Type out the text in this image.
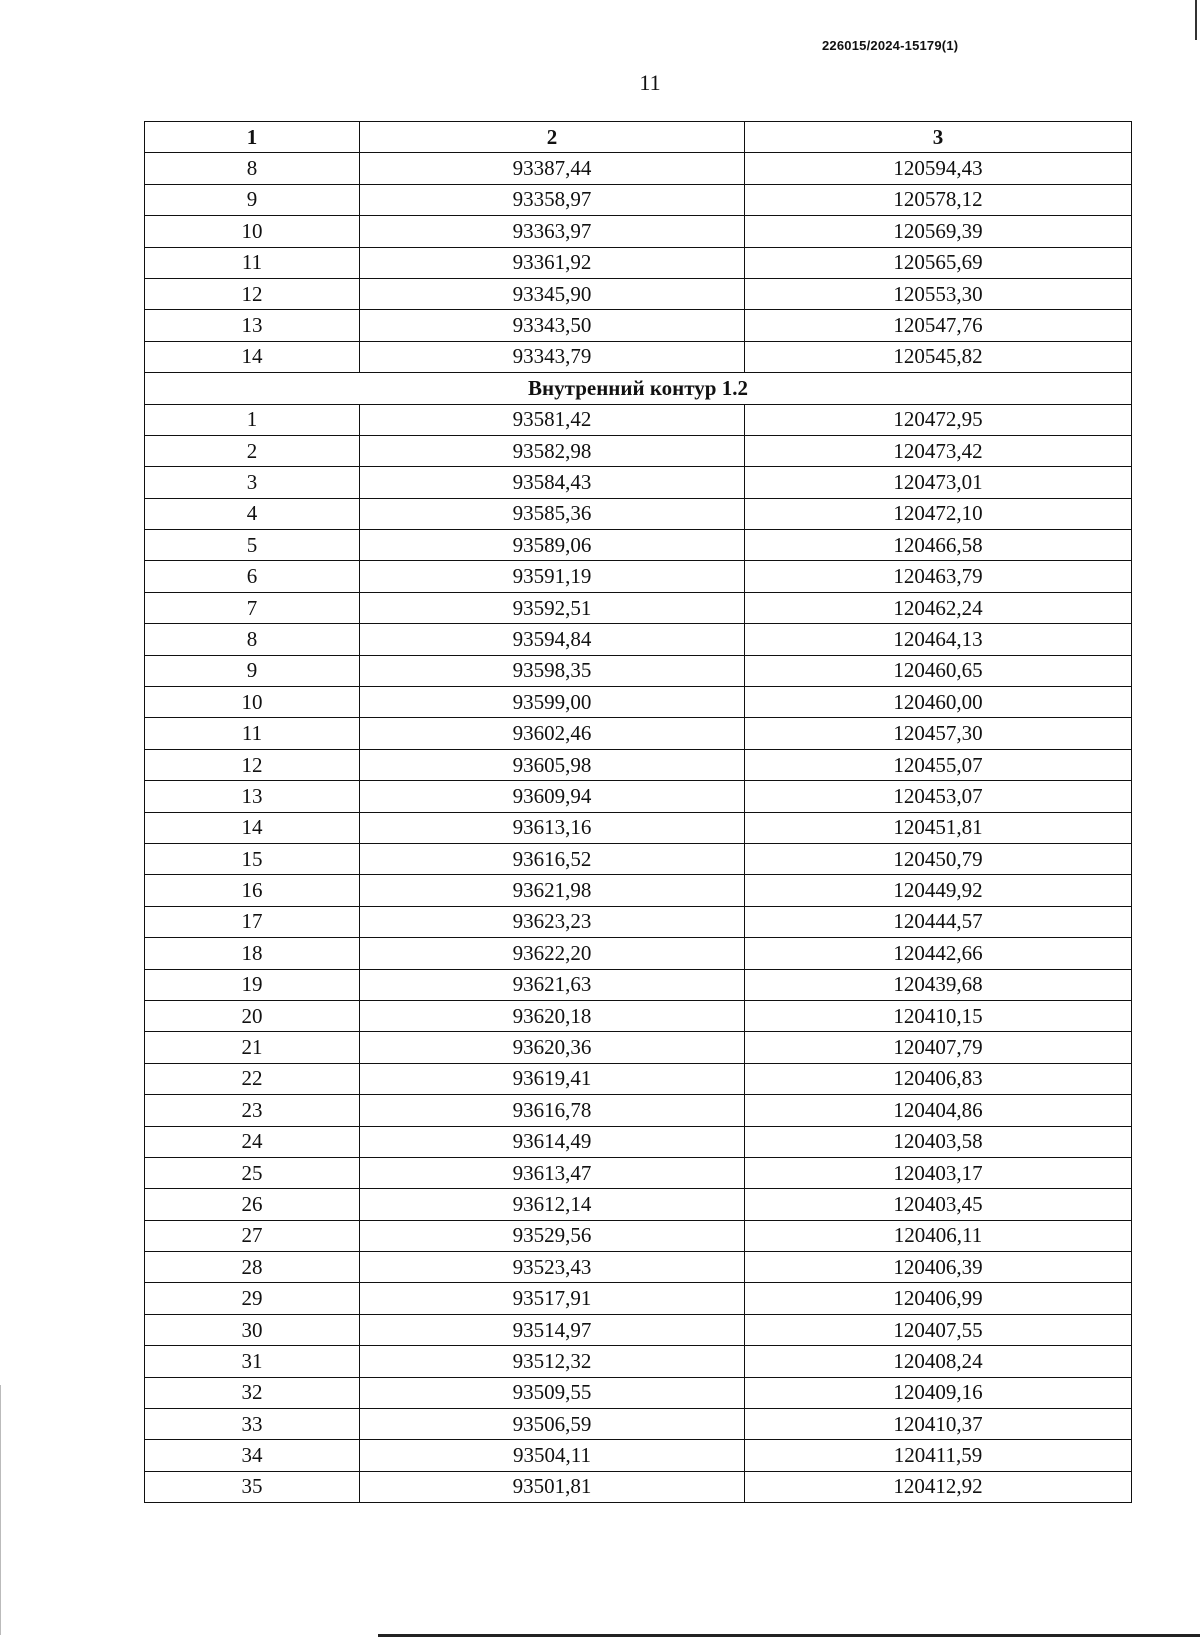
226015/2024-15179(1)
11
1	2	3
8	93387,44	120594,43
9	93358,97	120578,12
10	93363,97	120569,39
11	93361,92	120565,69
12	93345,90	120553,30
13	93343,50	120547,76
14	93343,79	120545,82
Внутренний контур 1.2		
1	93581,42	120472,95
2	93582,98	120473,42
3	93584,43	120473,01
4	93585,36	120472,10
5	93589,06	120466,58
6	93591,19	120463,79
7	93592,51	120462,24
8	93594,84	120464,13
9	93598,35	120460,65
10	93599,00	120460,00
11	93602,46	120457,30
12	93605,98	120455,07
13	93609,94	120453,07
14	93613,16	120451,81
15	93616,52	120450,79
16	93621,98	120449,92
17	93623,23	120444,57
18	93622,20	120442,66
19	93621,63	120439,68
20	93620,18	120410,15
21	93620,36	120407,79
22	93619,41	120406,83
23	93616,78	120404,86
24	93614,49	120403,58
25	93613,47	120403,17
26	93612,14	120403,45
27	93529,56	120406,11
28	93523,43	120406,39
29	93517,91	120406,99
30	93514,97	120407,55
31	93512,32	120408,24
32	93509,55	120409,16
33	93506,59	120410,37
34	93504,11	120411,59
35	93501,81	120412,92
